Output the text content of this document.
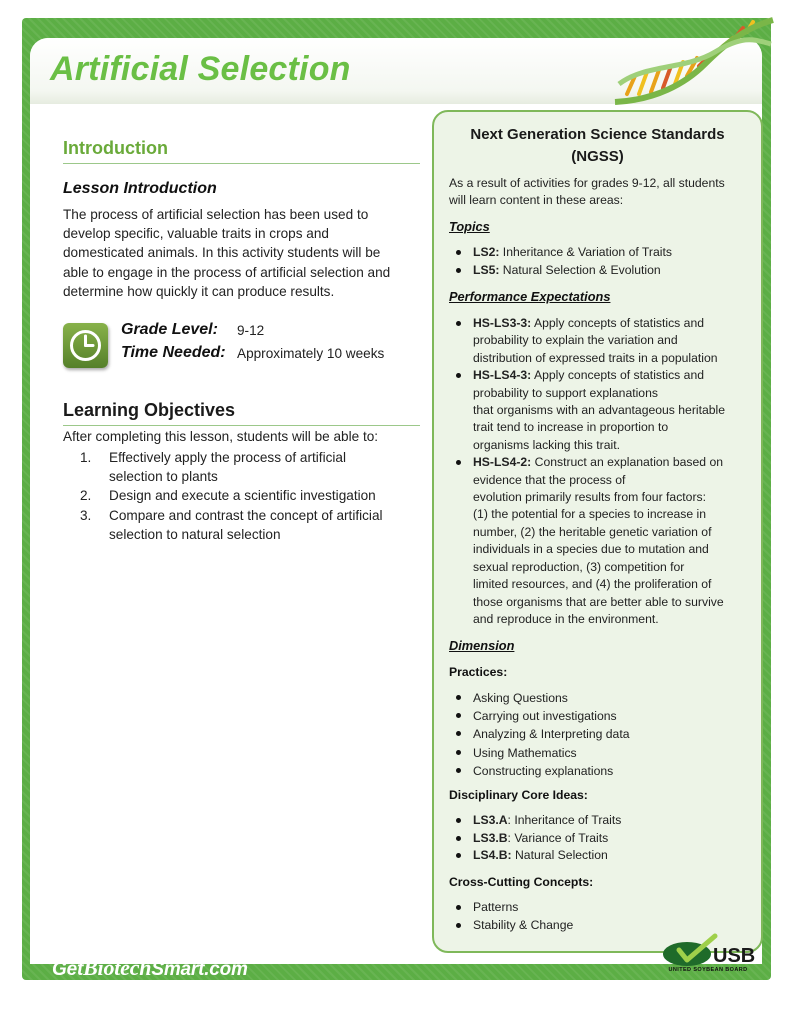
Artificial Selection
Introduction
Lesson Introduction
The process of artificial selection has been used to
develop specific, valuable traits in crops and
domesticated animals. In this activity students will be
able to engage in the process of artificial selection and
determine how quickly it can produce results.
Grade Level: 9-12
Time Needed: Approximately 10 weeks
Learning Objectives
After completing this lesson, students will be able to:
1. Effectively apply the process of artificial
selection to plants
2. Design and execute a scientific investigation
3. Compare and contrast the concept of artificial
selection to natural selection
Next Generation Science Standards
(NGSS)
As a result of activities for grades 9-12, all students
will learn content in these areas:
Topics
LS2: Inheritance & Variation of Traits
LS5: Natural Selection & Evolution
Performance Expectations
HS-LS3-3: Apply concepts of statistics and
probability to explain the variation and
distribution of expressed traits in a population
HS-LS4-3: Apply concepts of statistics and
probability to support explanations
that organisms with an advantageous heritable
trait tend to increase in proportion to
organisms lacking this trait.
HS-LS4-2: Construct an explanation based on
evidence that the process of
evolution primarily results from four factors:
(1) the potential for a species to increase in
number, (2) the heritable genetic variation of
individuals in a species due to mutation and
sexual reproduction, (3) competition for
limited resources, and (4) the proliferation of
those organisms that are better able to survive
and reproduce in the environment.
Dimension
Practices:
Asking Questions
Carrying out investigations
Analyzing & Interpreting data
Using Mathematics
Constructing explanations
Disciplinary Core Ideas:
LS3.A: Inheritance of Traits
LS3.B: Variance of Traits
LS4.B: Natural Selection
Cross-Cutting Concepts:
Patterns
Stability & Change
GetBiotechSmart.com
USB
UNITED SOYBEAN BOARD
